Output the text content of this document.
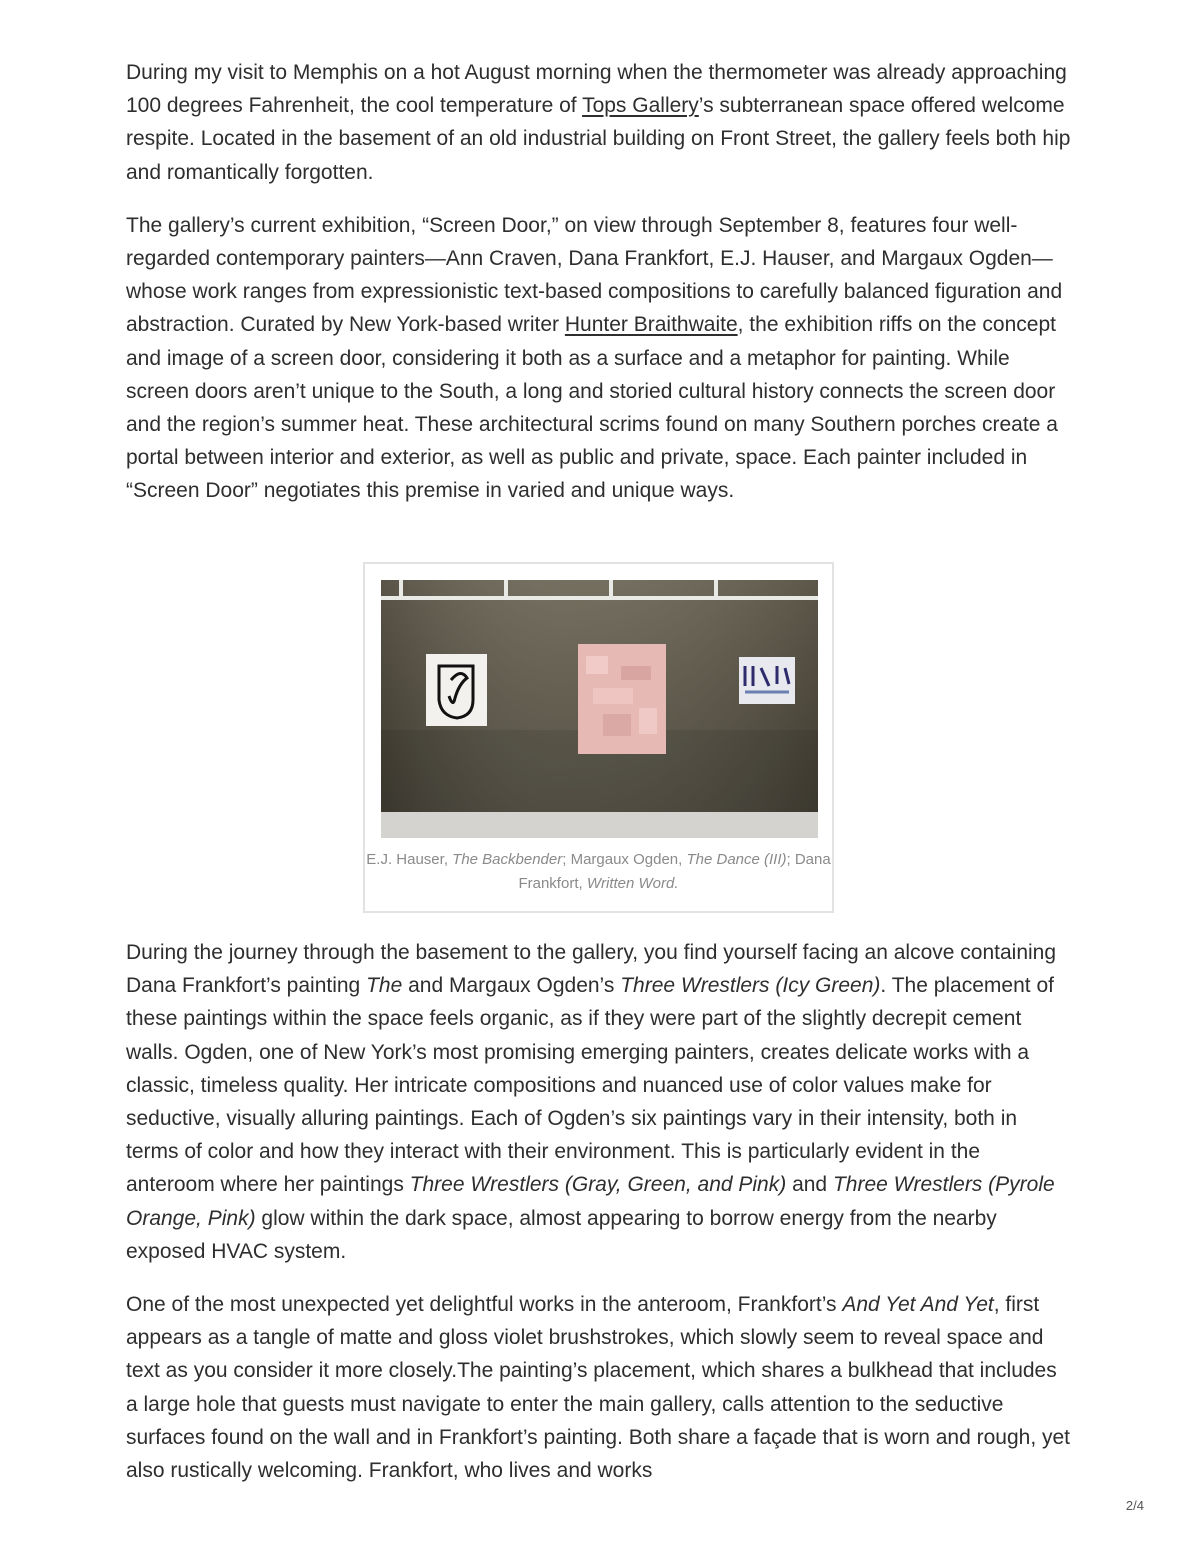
During my visit to Memphis on a hot August morning when the thermometer was already approaching 100 degrees Fahrenheit, the cool temperature of Tops Gallery’s subterranean space offered welcome respite. Located in the basement of an old industrial building on Front Street, the gallery feels both hip and romantically forgotten.

The gallery’s current exhibition, “Screen Door,” on view through September 8, features four well-regarded contemporary painters—Ann Craven, Dana Frankfort, E.J. Hauser, and Margaux Ogden—whose work ranges from expressionistic text-based compositions to carefully balanced figuration and abstraction. Curated by New York-based writer Hunter Braithwaite, the exhibition riffs on the concept and image of a screen door, considering it both as a surface and a metaphor for painting. While screen doors aren’t unique to the South, a long and storied cultural history connects the screen door and the region’s summer heat. These architectural scrims found on many Southern porches create a portal between interior and exterior, as well as public and private, space. Each painter included in “Screen Door” negotiates this premise in varied and unique ways.

E.J. Hauser, The Backbender; Margaux Ogden, The Dance (III); Dana Frankfort, Written Word.

During the journey through the basement to the gallery, you find yourself facing an alcove containing Dana Frankfort’s painting The and Margaux Ogden’s Three Wrestlers (Icy Green). The placement of these paintings within the space feels organic, as if they were part of the slightly decrepit cement walls. Ogden, one of New York’s most promising emerging painters, creates delicate works with a classic, timeless quality. Her intricate compositions and nuanced use of color values make for seductive, visually alluring paintings. Each of Ogden’s six paintings vary in their intensity, both in terms of color and how they interact with their environment. This is particularly evident in the anteroom where her paintings Three Wrestlers (Gray, Green, and Pink) and Three Wrestlers (Pyrole Orange, Pink) glow within the dark space, almost appearing to borrow energy from the nearby exposed HVAC system.

One of the most unexpected yet delightful works in the anteroom, Frankfort’s And Yet And Yet, first appears as a tangle of matte and gloss violet brushstrokes, which slowly seem to reveal space and text as you consider it more closely.The painting’s placement, which shares a bulkhead that includes a large hole that guests must navigate to enter the main gallery, calls attention to the seductive surfaces found on the wall and in Frankfort’s painting. Both share a façade that is worn and rough, yet also rustically welcoming. Frankfort, who lives and works

2/4
